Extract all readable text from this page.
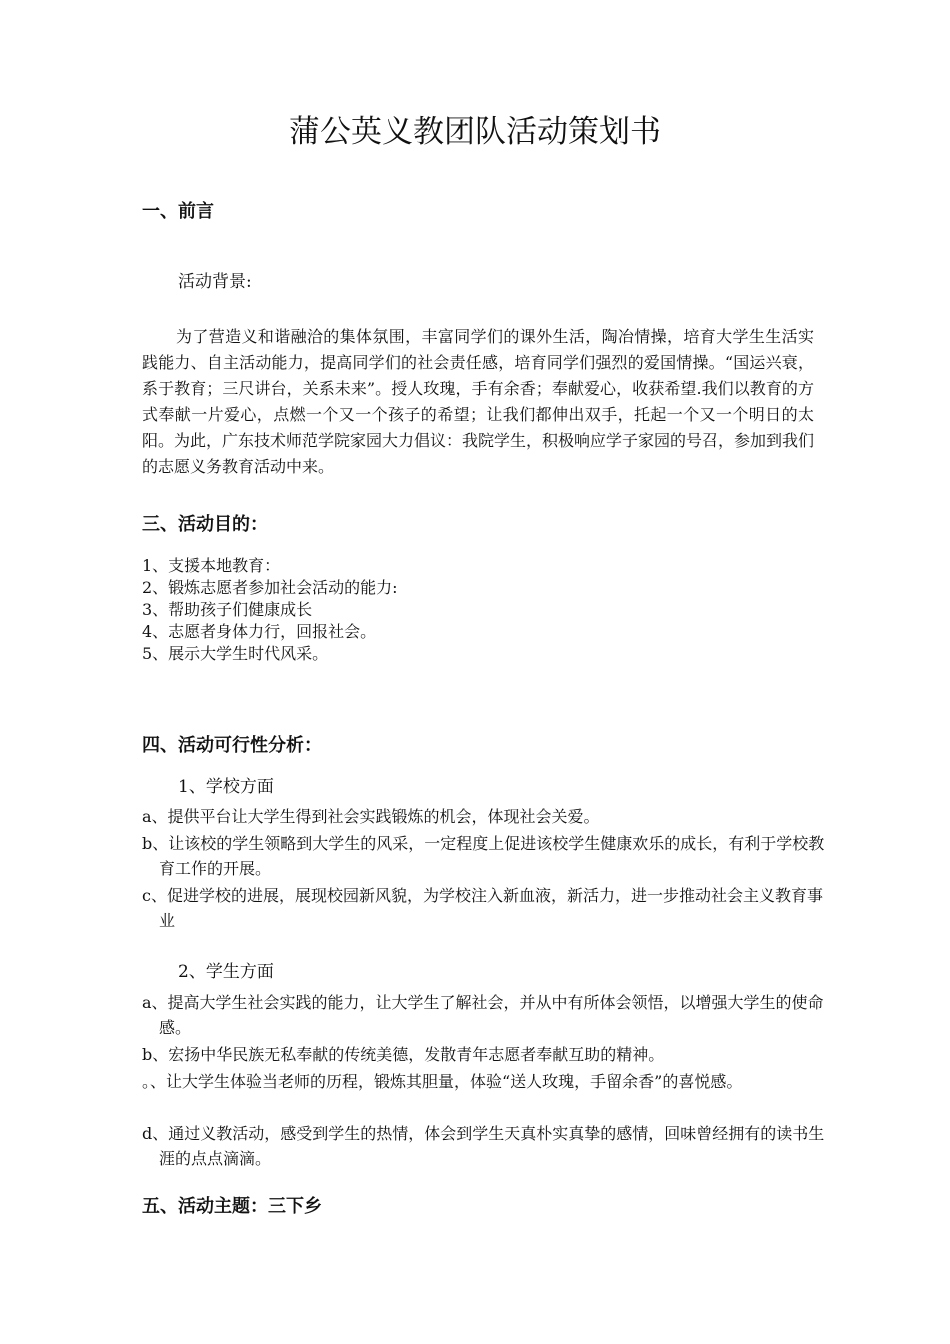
蒲公英义教团队活动策划书
一、前言
活动背景:

为了营造义和谐融洽的集体氛围，丰富同学们的课外生活，陶冶情操，培育大学生生活实践能力、自主活动能力，提高同学们的社会责任感，培育同学们强烈的爱国情操。“国运兴衰，系于教育；三尺讲台，关系未来”。授人玫瑰，手有余香；奉献爱心，收获希望.我们以教育的方式奉献一片爱心，点燃一个又一个孩子的希望；让我们都伸出双手，托起一个又一个明日的太阳。为此，广东技术师范学院家园大力倡议：我院学生，积极响应学子家园的号召，参加到我们的志愿义务教育活动中来。

三、活动目的：
1、支援本地教育：
2、锻炼志愿者参加社会活动的能力:
3、帮助孩子们健康成长
4、志愿者身体力行，回报社会。
5、展示大学生时代风采。
四、活动可行性分析：
1、学校方面
a、提供平台让大学生得到社会实践锻炼的机会，体现社会关爱。
b、让该校的学生领略到大学生的风采，一定程度上促进该校学生健康欢乐的成长，有利于学校教育工作的开展。
c、促进学校的进展，展现校园新风貌，为学校注入新血液，新活力，进一步推动社会主义教育事业
2、学生方面
a、提高大学生社会实践的能力，让大学生了解社会，并从中有所体会领悟，以增强大学生的使命感。
b、宏扬中华民族无私奉献的传统美德，发散青年志愿者奉献互助的精神。
。、让大学生体验当老师的历程，锻炼其胆量，体验“送人玫瑰，手留余香”的喜悦感。
d、通过义教活动，感受到学生的热情，体会到学生天真朴实真挚的感情，回味曾经拥有的读书生涯的点点滴滴。
五、活动主题：三下乡
